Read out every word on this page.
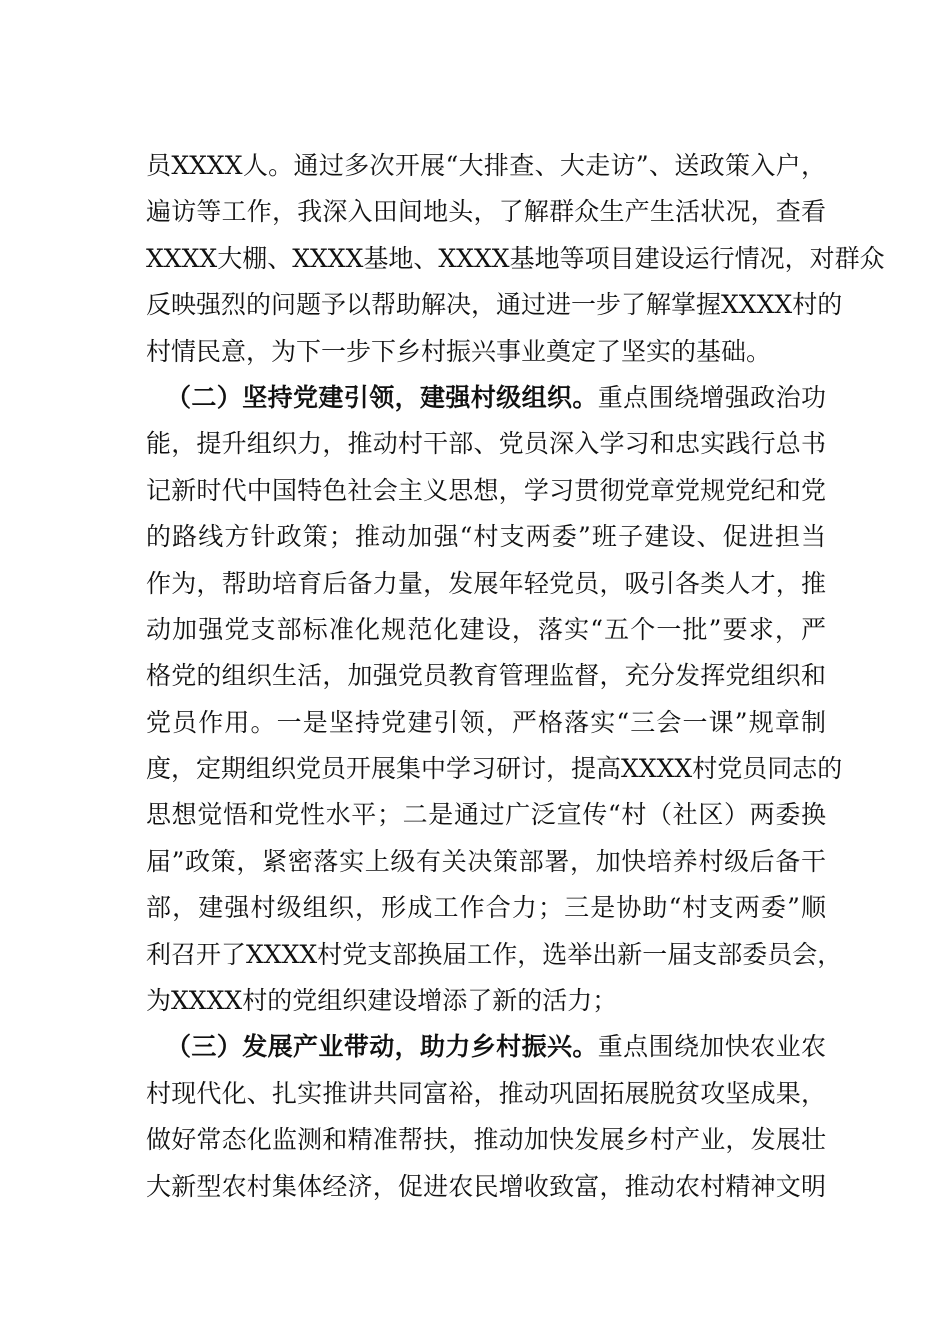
员XXXX人。通过多次开展“大排查、大走访”、送政策入户，
遍访等工作，我深入田间地头，了解群众生产生活状况，查看
XXXX大棚、XXXX基地、XXXX基地等项目建设运行情况，对群众
反映强烈的问题予以帮助解决，通过进一步了解掌握XXXX村的
村情民意，为下一步下乡村振兴事业奠定了坚实的基础。
（二）坚持党建引领，建强村级组织。重点围绕增强政治功
能，提升组织力，推动村干部、党员深入学习和忠实践行总书
记新时代中国特色社会主义思想，学习贯彻党章党规党纪和党
的路线方针政策；推动加强“村支两委”班子建设、促进担当
作为，帮助培育后备力量，发展年轻党员，吸引各类人才，推
动加强党支部标准化规范化建设，落实“五个一批”要求，严
格党的组织生活，加强党员教育管理监督，充分发挥党组织和
党员作用。一是坚持党建引领，严格落实“三会一课”规章制
度，定期组织党员开展集中学习研讨，提高XXXX村党员同志的
思想觉悟和党性水平；二是通过广泛宣传“村（社区）两委换
届”政策，紧密落实上级有关决策部署，加快培养村级后备干
部，建强村级组织，形成工作合力；三是协助“村支两委”顺
利召开了XXXX村党支部换届工作，选举出新一届支部委员会，
为XXXX村的党组织建设增添了新的活力；
（三）发展产业带动，助力乡村振兴。重点围绕加快农业农
村现代化、扎实推讲共同富裕，推动巩固拓展脱贫攻坚成果，
做好常态化监测和精准帮扶，推动加快发展乡村产业，发展壮
大新型农村集体经济，促进农民增收致富，推动农村精神文明
